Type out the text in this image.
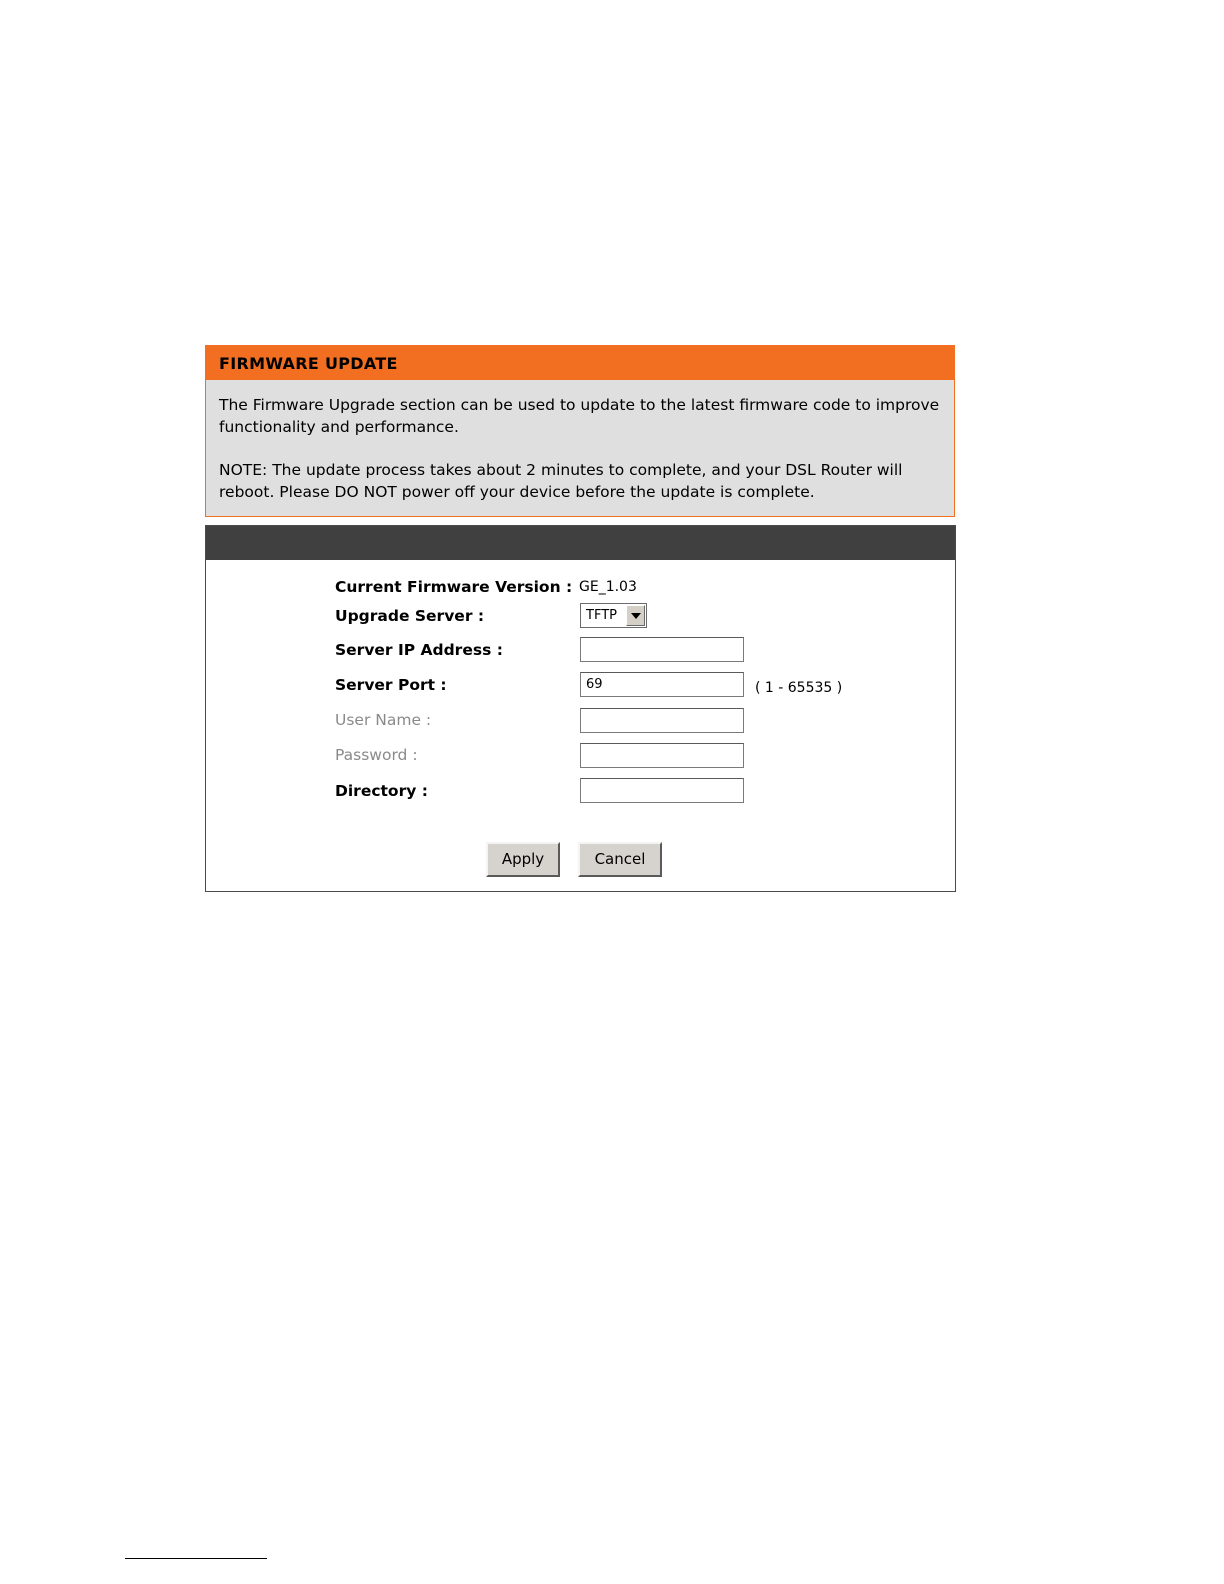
FIRMWARE UPDATE

The Firmware Upgrade section can be used to update to the latest firmware code to improve functionality and performance.

NOTE: The update process takes about 2 minutes to complete, and your DSL Router will reboot. Please DO NOT power off your device before the update is complete.

Current Firmware Version : GE_1.03
Upgrade Server :	TFTP
Server IP Address :
Server Port :	69	( 1 - 65535 )
User Name :
Password :
Directory :
Apply	Cancel
